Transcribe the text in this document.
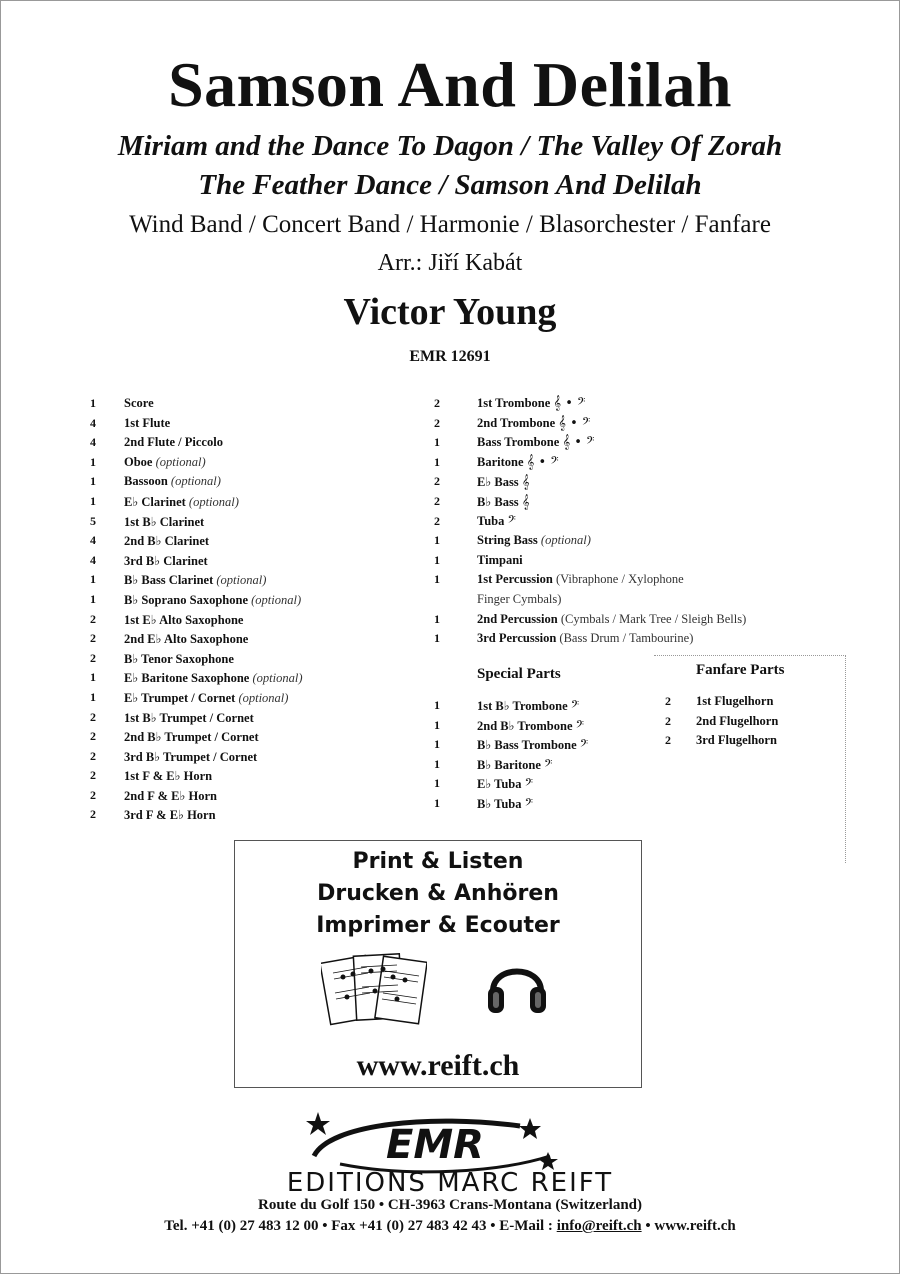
Samson And Delilah
Miriam and the Dance To Dagon / The Valley Of Zorah
The Feather Dance / Samson And Delilah
Wind Band / Concert Band / Harmonie / Blasorchester / Fanfare
Arr.: Jiří Kabát
Victor Young
EMR 12691
1 Score
4 1st Flute
4 2nd Flute / Piccolo
1 Oboe (optional)
1 Bassoon (optional)
1 E♭ Clarinet (optional)
5 1st B♭ Clarinet
4 2nd B♭ Clarinet
4 3rd B♭ Clarinet
1 B♭ Bass Clarinet (optional)
1 B♭ Soprano Saxophone (optional)
2 1st E♭ Alto Saxophone
2 2nd E♭ Alto Saxophone
2 B♭ Tenor Saxophone
1 E♭ Baritone Saxophone (optional)
1 E♭ Trumpet / Cornet (optional)
2 1st B♭ Trumpet / Cornet
2 2nd B♭ Trumpet / Cornet
2 3rd B♭ Trumpet / Cornet
2 1st F & E♭ Horn
2 2nd F & E♭ Horn
2 3rd F & E♭ Horn
2	1st Trombone 𝄞 • 𝄢
2	2nd Trombone 𝄞 • 𝄢
1	Bass Trombone 𝄞 • 𝄢
1	Baritone 𝄞 • 𝄢
2	E♭ Bass 𝄞
2	B♭ Bass 𝄞
2	Tuba 𝄢
1	String Bass (optional)
1	Timpani
1	1st Percussion (Vibraphone / Xylophone
Finger Cymbals)
1	2nd Percussion (Cymbals / Mark Tree / Sleigh Bells)
1	3rd Percussion (Bass Drum / Tambourine)
Special Parts
1	1st B♭ Trombone 𝄢
1	2nd B♭ Trombone 𝄢
1	B♭ Bass Trombone 𝄢
1	B♭ Baritone 𝄢
1	E♭ Tuba 𝄢
1	B♭ Tuba 𝄢
Fanfare Parts
2 1st Flugelhorn
2 2nd Flugelhorn
2 3rd Flugelhorn
Print & Listen
Drucken & Anhören
Imprimer & Ecouter
www.reift.ch
EMR
EDITIONS MARC REIFT
Route du Golf 150 • CH-3963 Crans-Montana (Switzerland)
Tel. +41 (0) 27 483 12 00 • Fax +41 (0) 27 483 42 43 • E-Mail : info@reift.ch • www.reift.ch
